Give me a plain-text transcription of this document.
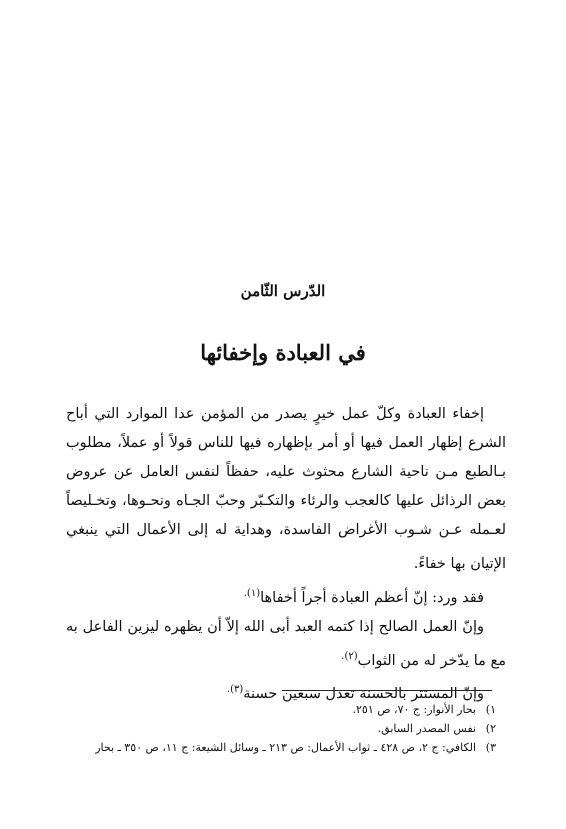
الدّرس الثّامن
في العبادة وإخفائها

إخفاء العبادة وكلّ عمل خيرٍ يصدر من المؤمن عدا الموارد التي أباح الشرع إظهار العمل فيها أو أمر بإظهاره فيها للناس قولاً أو عملاً، مطلوب بـالطبع مـن ناحية الشارع محثوث عليه، حفظاً لنفس العامل عن عروض بعض الرذائل عليها كالعجب والرئاء والتكـبّر وحبّ الجـاه ونحـوها، وتخـليصاً لعـمله عـن شـوب الأغراض الفاسدة، وهداية له إلى الأعمال التي ينبغي الإتيان بها خفاءً.

فقد ورد: إنّ أعظم العبادة أجراً أخفاها$^{(١).}$

وإنّ العمل الصالح إذا كتمه العبد أبى الله إلاّ أن يظهره ليزين الفاعل به مع ما يدّخر له من الثواب$^{(٢).}$

وإنّ المستتر بالحسنة تعدل سبعين حسنة$^{(٣).}$

١)
بحار الأنوار: ج ٧٠، ص ٢٥١.
٢)
نفس المصدر السابق.
٣)
الكافي: ج ٢، ص ٤٢٨ ـ ثواب الأعمال: ص ٢١٣ ـ وسائل الشيعة: ج ١١، ص ٣٥٠ ـ بحار
